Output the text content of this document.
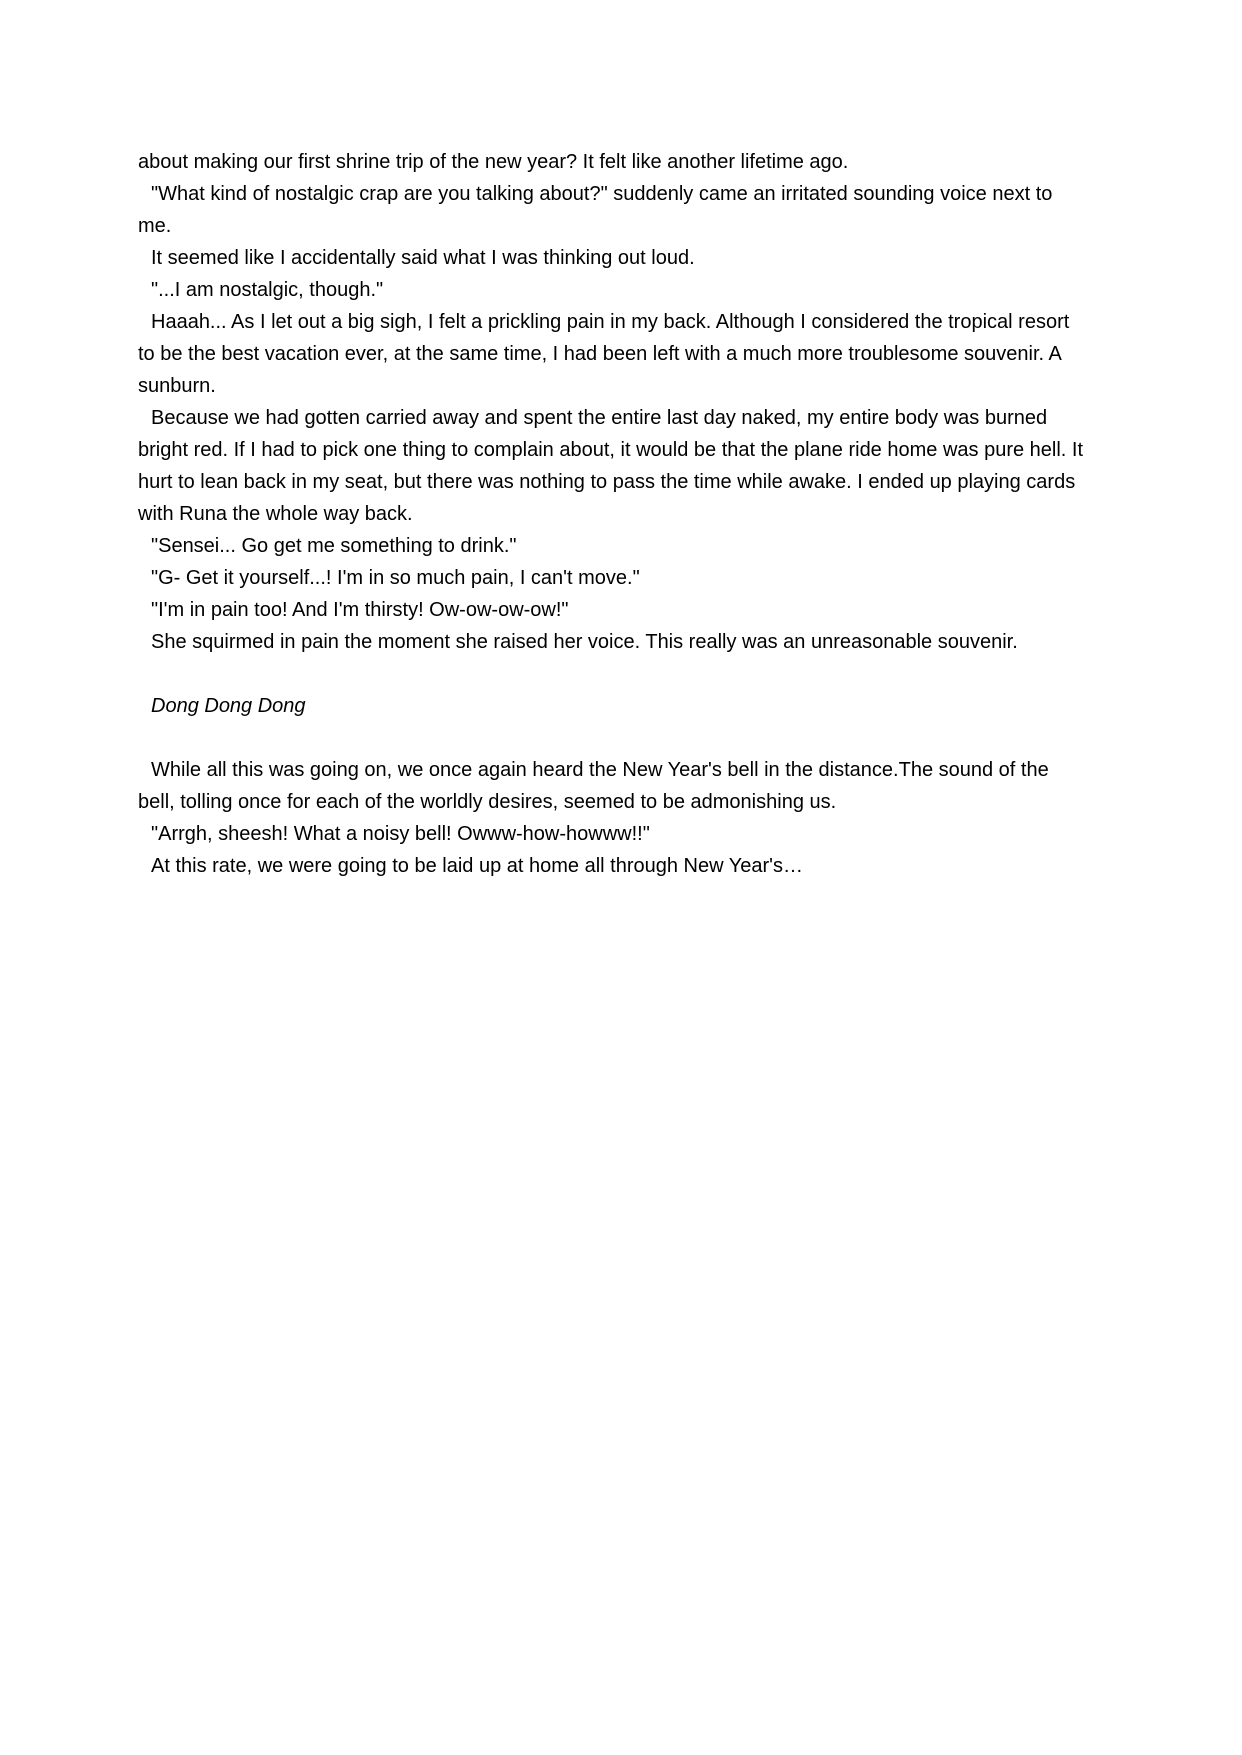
about making our first shrine trip of the new year? It felt like another lifetime ago.

"What kind of nostalgic crap are you talking about?" suddenly came an irritated sounding voice next to me.

It seemed like I accidentally said what I was thinking out loud.

"...I am nostalgic, though."

Haaah... As I let out a big sigh, I felt a prickling pain in my back. Although I considered the tropical resort to be the best vacation ever, at the same time, I had been left with a much more troublesome souvenir. A sunburn.

Because we had gotten carried away and spent the entire last day naked, my entire body was burned bright red. If I had to pick one thing to complain about, it would be that the plane ride home was pure hell. It hurt to lean back in my seat, but there was nothing to pass the time while awake. I ended up playing cards with Runa the whole way back.

"Sensei... Go get me something to drink."

"G- Get it yourself...! I'm in so much pain, I can't move."

"I'm in pain too! And I'm thirsty! Ow-ow-ow-ow!"

She squirmed in pain the moment she raised her voice. This really was an unreasonable souvenir.

Dong Dong Dong

While all this was going on, we once again heard the New Year's bell in the distance.The sound of the bell, tolling once for each of the worldly desires, seemed to be admonishing us.

"Arrgh, sheesh! What a noisy bell! Owww-how-howww!!"

At this rate, we were going to be laid up at home all through New Year's…
